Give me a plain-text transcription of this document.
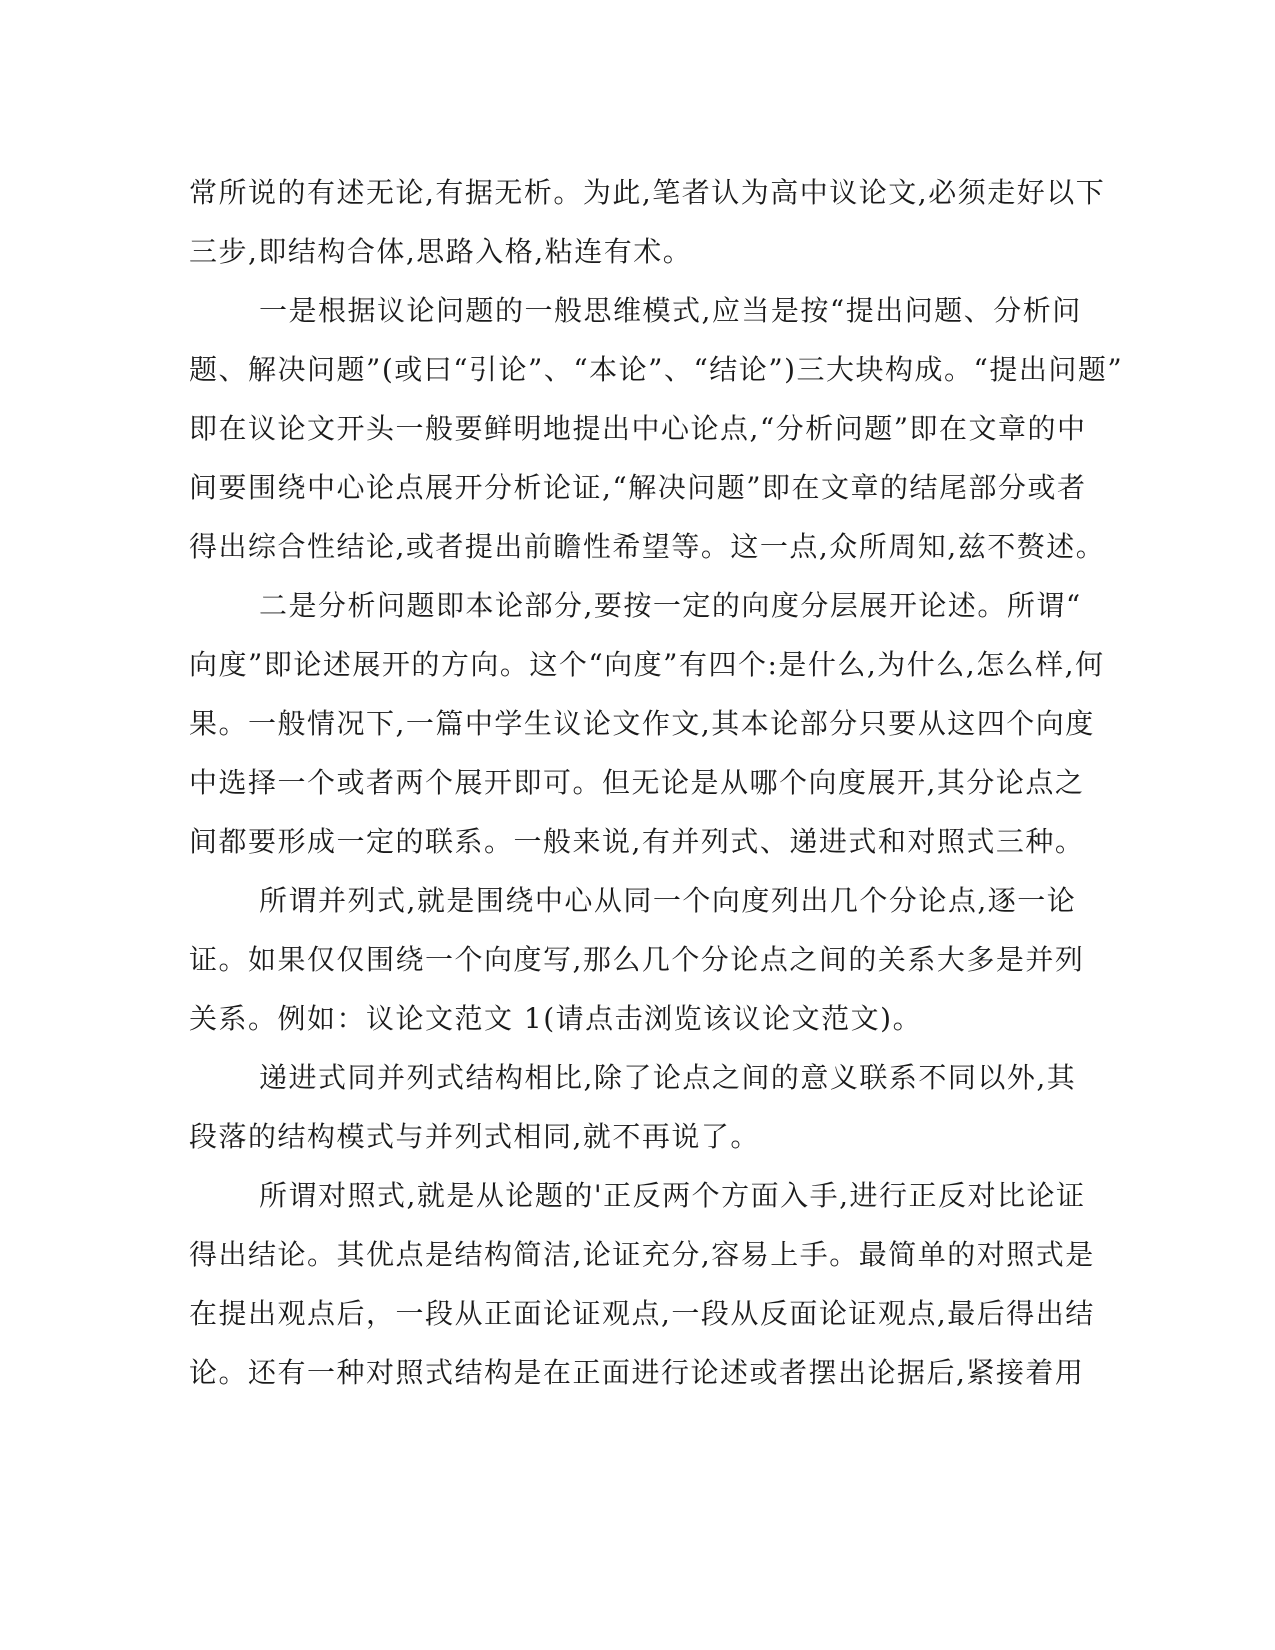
常所说的有述无论,有据无析。为此,笔者认为高中议论文,必须走好以下
三步,即结构合体,思路入格,粘连有术。
一是根据议论问题的一般思维模式,应当是按“提出问题、分析问
题、解决问题”(或曰“引论”、“本论”、“结论”)三大块构成。“提出问题”
即在议论文开头一般要鲜明地提出中心论点,“分析问题”即在文章的中
间要围绕中心论点展开分析论证,“解决问题”即在文章的结尾部分或者
得出综合性结论,或者提出前瞻性希望等。这一点,众所周知,兹不赘述。
二是分析问题即本论部分,要按一定的向度分层展开论述。所谓“
向度”即论述展开的方向。这个“向度”有四个:是什么,为什么,怎么样,何
果。一般情况下,一篇中学生议论文作文,其本论部分只要从这四个向度
中选择一个或者两个展开即可。但无论是从哪个向度展开,其分论点之
间都要形成一定的联系。一般来说,有并列式、递进式和对照式三种。
所谓并列式,就是围绕中心从同一个向度列出几个分论点,逐一论
证。如果仅仅围绕一个向度写,那么几个分论点之间的关系大多是并列
关系。例如：议论文范文 1(请点击浏览该议论文范文)。
递进式同并列式结构相比,除了论点之间的意义联系不同以外,其
段落的结构模式与并列式相同,就不再说了。
所谓对照式,就是从论题的'正反两个方面入手,进行正反对比论证
得出结论。其优点是结构简洁,论证充分,容易上手。最简单的对照式是
在提出观点后，一段从正面论证观点,一段从反面论证观点,最后得出结
论。还有一种对照式结构是在正面进行论述或者摆出论据后,紧接着用
